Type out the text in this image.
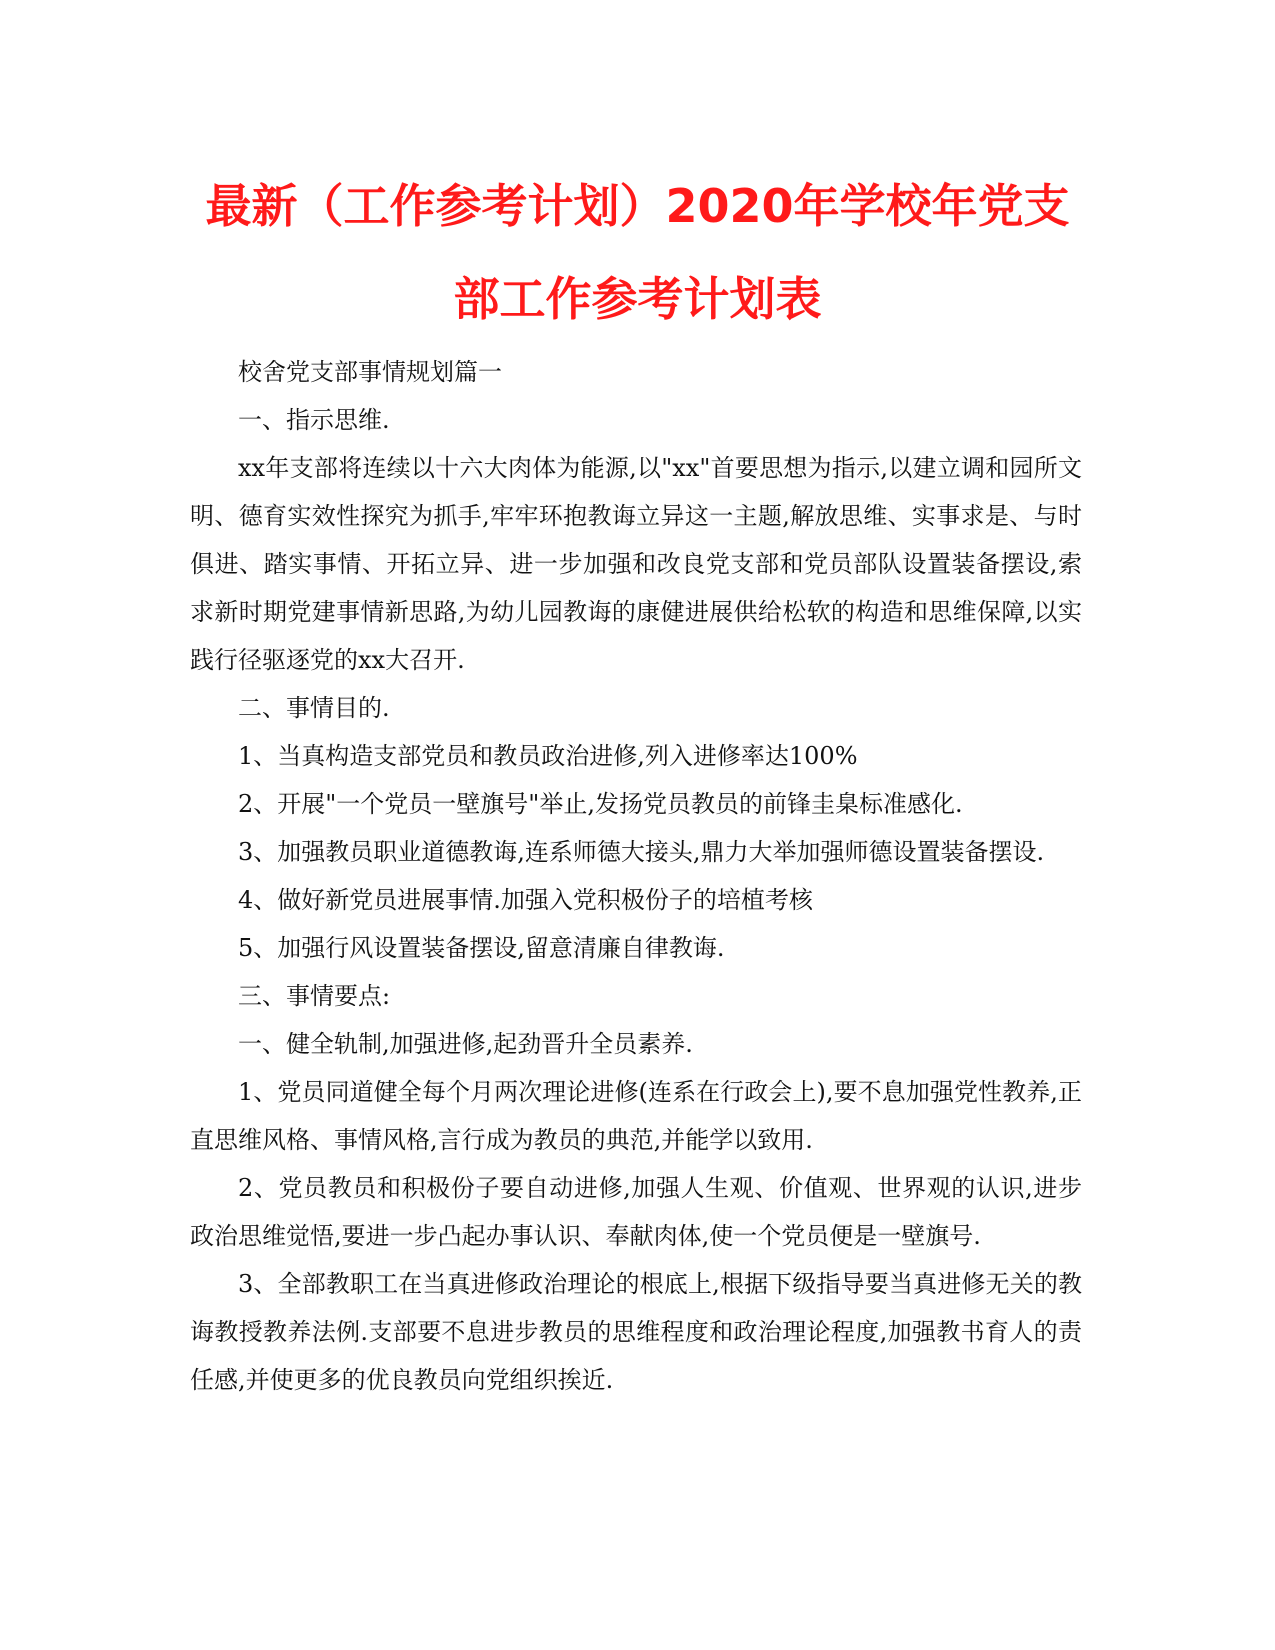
最新（工作参考计划）2020年学校年党支
部工作参考计划表

校舍党支部事情规划篇一

一、指示思维.

xx年支部将连续以十六大肉体为能源,以"xx"首要思想为指示,以建立调和园所文明、德育实效性探究为抓手,牢牢环抱教诲立异这一主题,解放思维、实事求是、与时俱进、踏实事情、开拓立异、进一步加强和改良党支部和党员部队设置装备摆设,索求新时期党建事情新思路,为幼儿园教诲的康健进展供给松软的构造和思维保障,以实践行径驱逐党的xx大召开.

二、事情目的.

1、当真构造支部党员和教员政治进修,列入进修率达100%

2、开展"一个党员一壁旗号"举止,发扬党员教员的前锋圭臬标准感化.

3、加强教员职业道德教诲,连系师德大接头,鼎力大举加强师德设置装备摆设.

4、做好新党员进展事情.加强入党积极份子的培植考核

5、加强行风设置装备摆设,留意清廉自律教诲.

三、事情要点:

一、健全轨制,加强进修,起劲晋升全员素养.

1、党员同道健全每个月两次理论进修(连系在行政会上),要不息加强党性教养,正直思维风格、事情风格,言行成为教员的典范,并能学以致用.

2、党员教员和积极份子要自动进修,加强人生观、价值观、世界观的认识,进步政治思维觉悟,要进一步凸起办事认识、奉献肉体,使一个党员便是一壁旗号.

3、全部教职工在当真进修政治理论的根底上,根据下级指导要当真进修无关的教诲教授教养法例.支部要不息进步教员的思维程度和政治理论程度,加强教书育人的责任感,并使更多的优良教员向党组织挨近.
